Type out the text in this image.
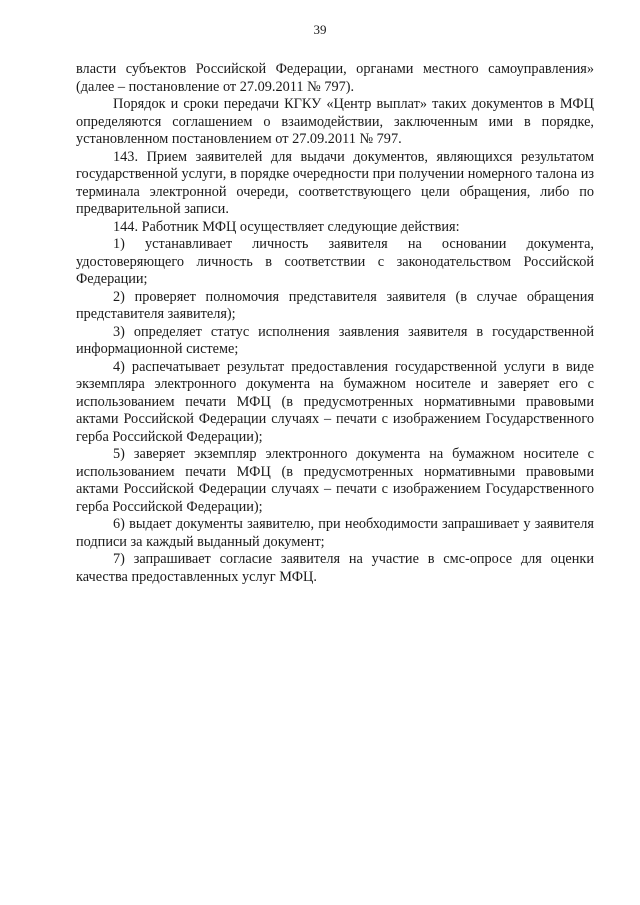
39

власти субъектов Российской Федерации, органами местного самоуправления» (далее – постановление от 27.09.2011 № 797).

Порядок и сроки передачи КГКУ «Центр выплат» таких документов в МФЦ определяются соглашением о взаимодействии, заключенным ими в порядке, установленном постановлением от 27.09.2011 № 797.

143. Прием заявителей для выдачи документов, являющихся результатом государственной услуги, в порядке очередности при получении номерного талона из терминала электронной очереди, соответствующего цели обращения, либо по предварительной записи.

144. Работник МФЦ осуществляет следующие действия:

1) устанавливает личность заявителя на основании документа, удостоверяющего личность в соответствии с законодательством Российской Федерации;

2) проверяет полномочия представителя заявителя (в случае обращения представителя заявителя);

3) определяет статус исполнения заявления заявителя в государственной информационной системе;

4) распечатывает результат предоставления государственной услуги в виде экземпляра электронного документа на бумажном носителе и заверяет его с использованием печати МФЦ (в предусмотренных нормативными правовыми актами Российской Федерации случаях – печати с изображением Государственного герба Российской Федерации);

5) заверяет экземпляр электронного документа на бумажном носителе с использованием печати МФЦ (в предусмотренных нормативными правовыми актами Российской Федерации случаях – печати с изображением Государственного герба Российской Федерации);

6) выдает документы заявителю, при необходимости запрашивает у заявителя подписи за каждый выданный документ;

7) запрашивает согласие заявителя на участие в смс-опросе для оценки качества предоставленных услуг МФЦ.
